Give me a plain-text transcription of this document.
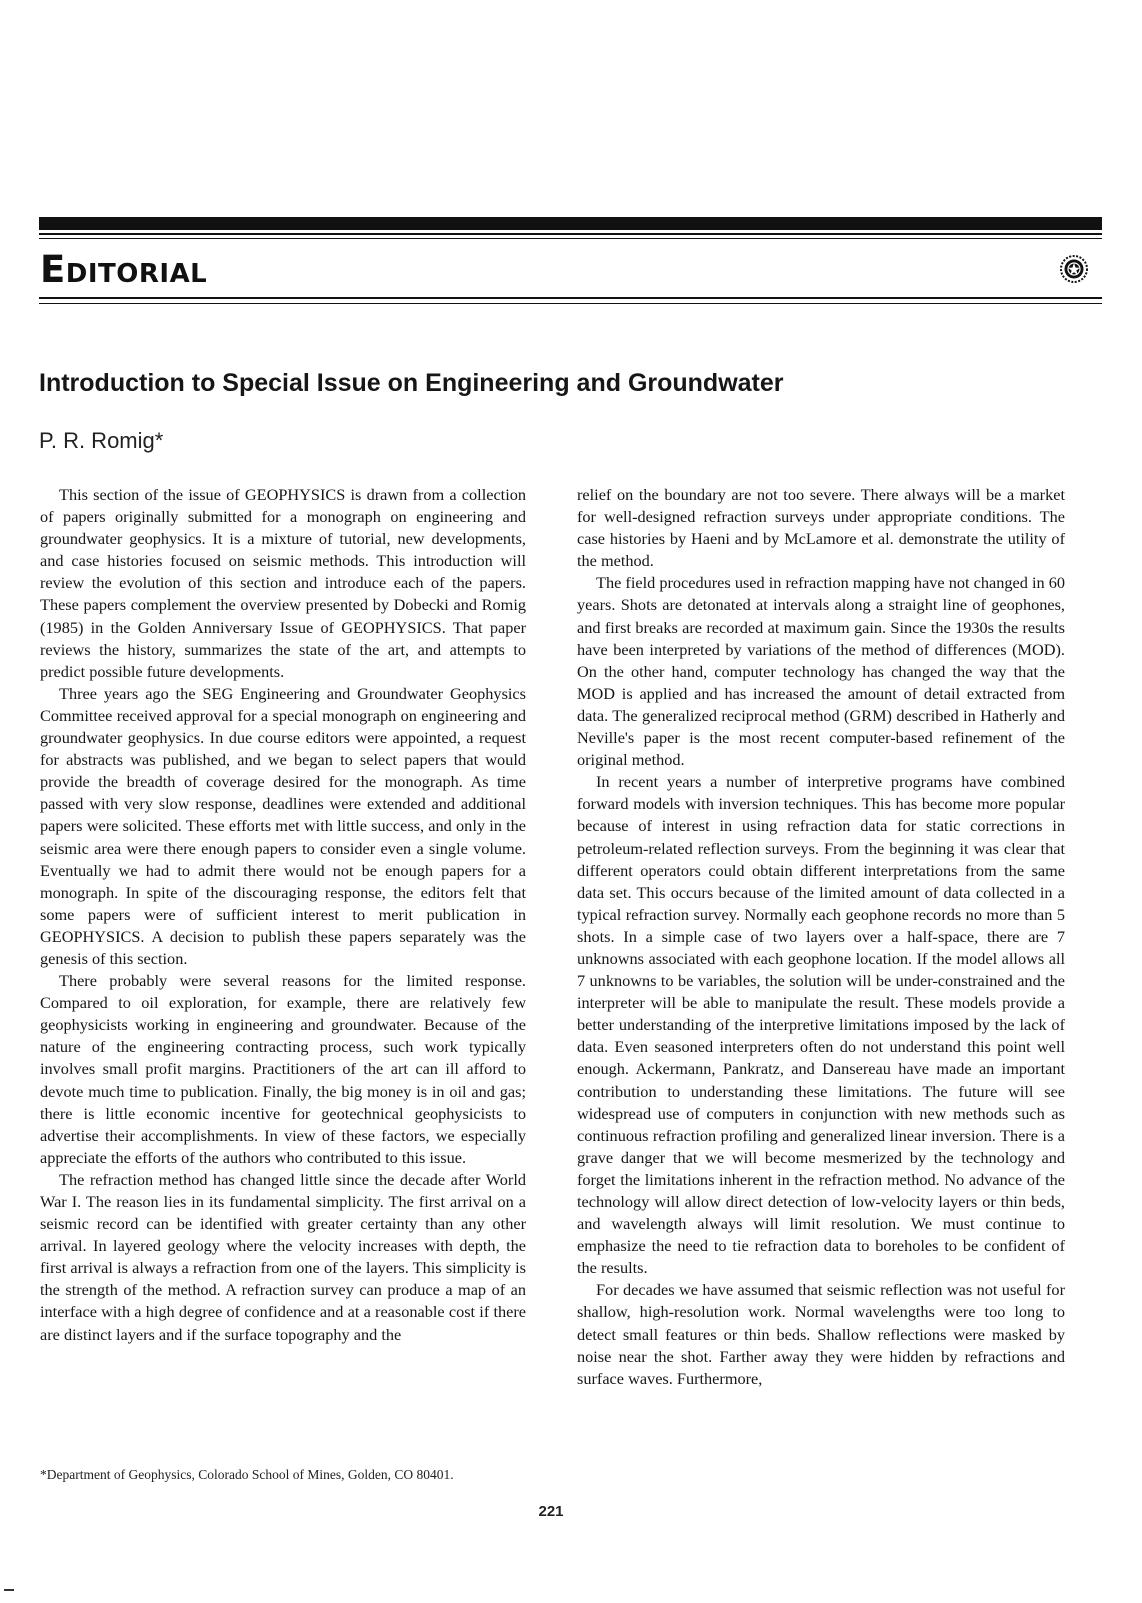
Editorial
Introduction to Special Issue on Engineering and Groundwater

P. R. Romig*

This section of the issue of GEOPHYSICS is drawn from a collection of papers originally submitted for a monograph on engineering and groundwater geophysics. It is a mixture of tutorial, new developments, and case histories focused on seismic methods. This introduction will review the evolution of this section and introduce each of the papers. These papers complement the overview presented by Dobecki and Romig (1985) in the Golden Anniversary Issue of GEOPHYSICS. That paper reviews the history, summarizes the state of the art, and attempts to predict possible future developments.

Three years ago the SEG Engineering and Groundwater Geophysics Committee received approval for a special monograph on engineering and groundwater geophysics. In due course editors were appointed, a request for abstracts was published, and we began to select papers that would provide the breadth of coverage desired for the monograph. As time passed with very slow response, deadlines were extended and additional papers were solicited. These efforts met with little success, and only in the seismic area were there enough papers to consider even a single volume. Eventually we had to admit there would not be enough papers for a monograph. In spite of the discouraging response, the editors felt that some papers were of sufficient interest to merit publication in GEOPHYSICS. A decision to publish these papers separately was the genesis of this section.

There probably were several reasons for the limited response. Compared to oil exploration, for example, there are relatively few geophysicists working in engineering and groundwater. Because of the nature of the engineering contracting process, such work typically involves small profit margins. Practitioners of the art can ill afford to devote much time to publication. Finally, the big money is in oil and gas; there is little economic incentive for geotechnical geophysicists to advertise their accomplishments. In view of these factors, we especially appreciate the efforts of the authors who contributed to this issue.

The refraction method has changed little since the decade after World War I. The reason lies in its fundamental simplicity. The first arrival on a seismic record can be identified with greater certainty than any other arrival. In layered geology where the velocity increases with depth, the first arrival is always a refraction from one of the layers. This simplicity is the strength of the method. A refraction survey can produce a map of an interface with a high degree of confidence and at a reasonable cost if there are distinct layers and if the surface topography and the

relief on the boundary are not too severe. There always will be a market for well-designed refraction surveys under appropriate conditions. The case histories by Haeni and by McLamore et al. demonstrate the utility of the method.

The field procedures used in refraction mapping have not changed in 60 years. Shots are detonated at intervals along a straight line of geophones, and first breaks are recorded at maximum gain. Since the 1930s the results have been interpreted by variations of the method of differences (MOD). On the other hand, computer technology has changed the way that the MOD is applied and has increased the amount of detail extracted from data. The generalized reciprocal method (GRM) described in Hatherly and Neville's paper is the most recent computer-based refinement of the original method.

In recent years a number of interpretive programs have combined forward models with inversion techniques. This has become more popular because of interest in using refraction data for static corrections in petroleum-related reflection surveys. From the beginning it was clear that different operators could obtain different interpretations from the same data set. This occurs because of the limited amount of data collected in a typical refraction survey. Normally each geophone records no more than 5 shots. In a simple case of two layers over a half-space, there are 7 unknowns associated with each geophone location. If the model allows all 7 unknowns to be variables, the solution will be under-constrained and the interpreter will be able to manipulate the result. These models provide a better understanding of the interpretive limitations imposed by the lack of data. Even seasoned interpreters often do not understand this point well enough. Ackermann, Pankratz, and Dansereau have made an important contribution to understanding these limitations. The future will see widespread use of computers in conjunction with new methods such as continuous refraction profiling and generalized linear inversion. There is a grave danger that we will become mesmerized by the technology and forget the limitations inherent in the refraction method. No advance of the technology will allow direct detection of low-velocity layers or thin beds, and wavelength always will limit resolution. We must continue to emphasize the need to tie refraction data to boreholes to be confident of the results.

For decades we have assumed that seismic reflection was not useful for shallow, high-resolution work. Normal wavelengths were too long to detect small features or thin beds. Shallow reflections were masked by noise near the shot. Farther away they were hidden by refractions and surface waves. Furthermore,

*Department of Geophysics, Colorado School of Mines, Golden, CO 80401.

221
